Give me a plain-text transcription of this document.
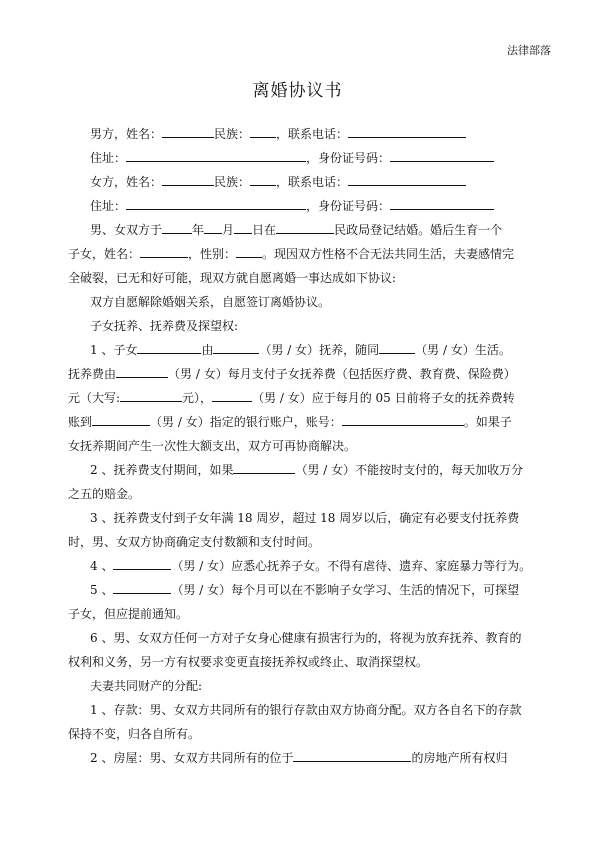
法律部落
离婚协议书
男方，姓名：	民族： ，联系电话：
住址：	，身份证号码：
女方，姓名：	民族： ，联系电话：
住址：	，身份证号码：
男、女双方于	年 月 日在	民政局登记结婚。婚后生育一个
子女，姓名：	，性别： 。现因双方性格不合无法共同生活，夫妻感情完
全破裂，已无和好可能，现双方就自愿离婚一事达成如下协议:
双方自愿解除婚姻关系，自愿签订离婚协议。
子女抚养、抚养费及探望权:
1 、子女	由	（男 / 女）抚养，随同	（男 / 女）生活。
抚养费由	（男 / 女）每月支付子女抚养费（包括医疗费、教育费、保险费）
元（大写:	元），	（男 / 女）应于每月的 05 日前将子女的抚养费转
账到	（男 / 女）指定的银行账户，账号：	。如果子
女抚养期间产生一次性大额支出，双方可再协商解决。
2 、抚养费支付期间，如果	（男 / 女）不能按时支付的，每天加收万分
之五的赔金。
3 、抚养费支付到子女年满 18 周岁，超过 18 周岁以后，确定有必要支付抚养费
时，男、女双方协商确定支付数额和支付时间。
4 、	（男 / 女）应悉心抚养子女。不得有虐待、遗弃、家庭暴力等行为。
5 、	（男 / 女）每个月可以在不影响子女学习、生活的情况下，可探望
子女，但应提前通知。
6 、男、女双方任何一方对子女身心健康有损害行为的，将视为放弃抚养、教育的
权利和义务，另一方有权要求变更直接抚养权或终止、取消探望权。
夫妻共同财产的分配:
1 、存款：男、女双方共同所有的银行存款由双方协商分配。双方各自名下的存款
保持不变，归各自所有。
2 、房屋：男、女双方共同所有的位于	的房地产所有权归
